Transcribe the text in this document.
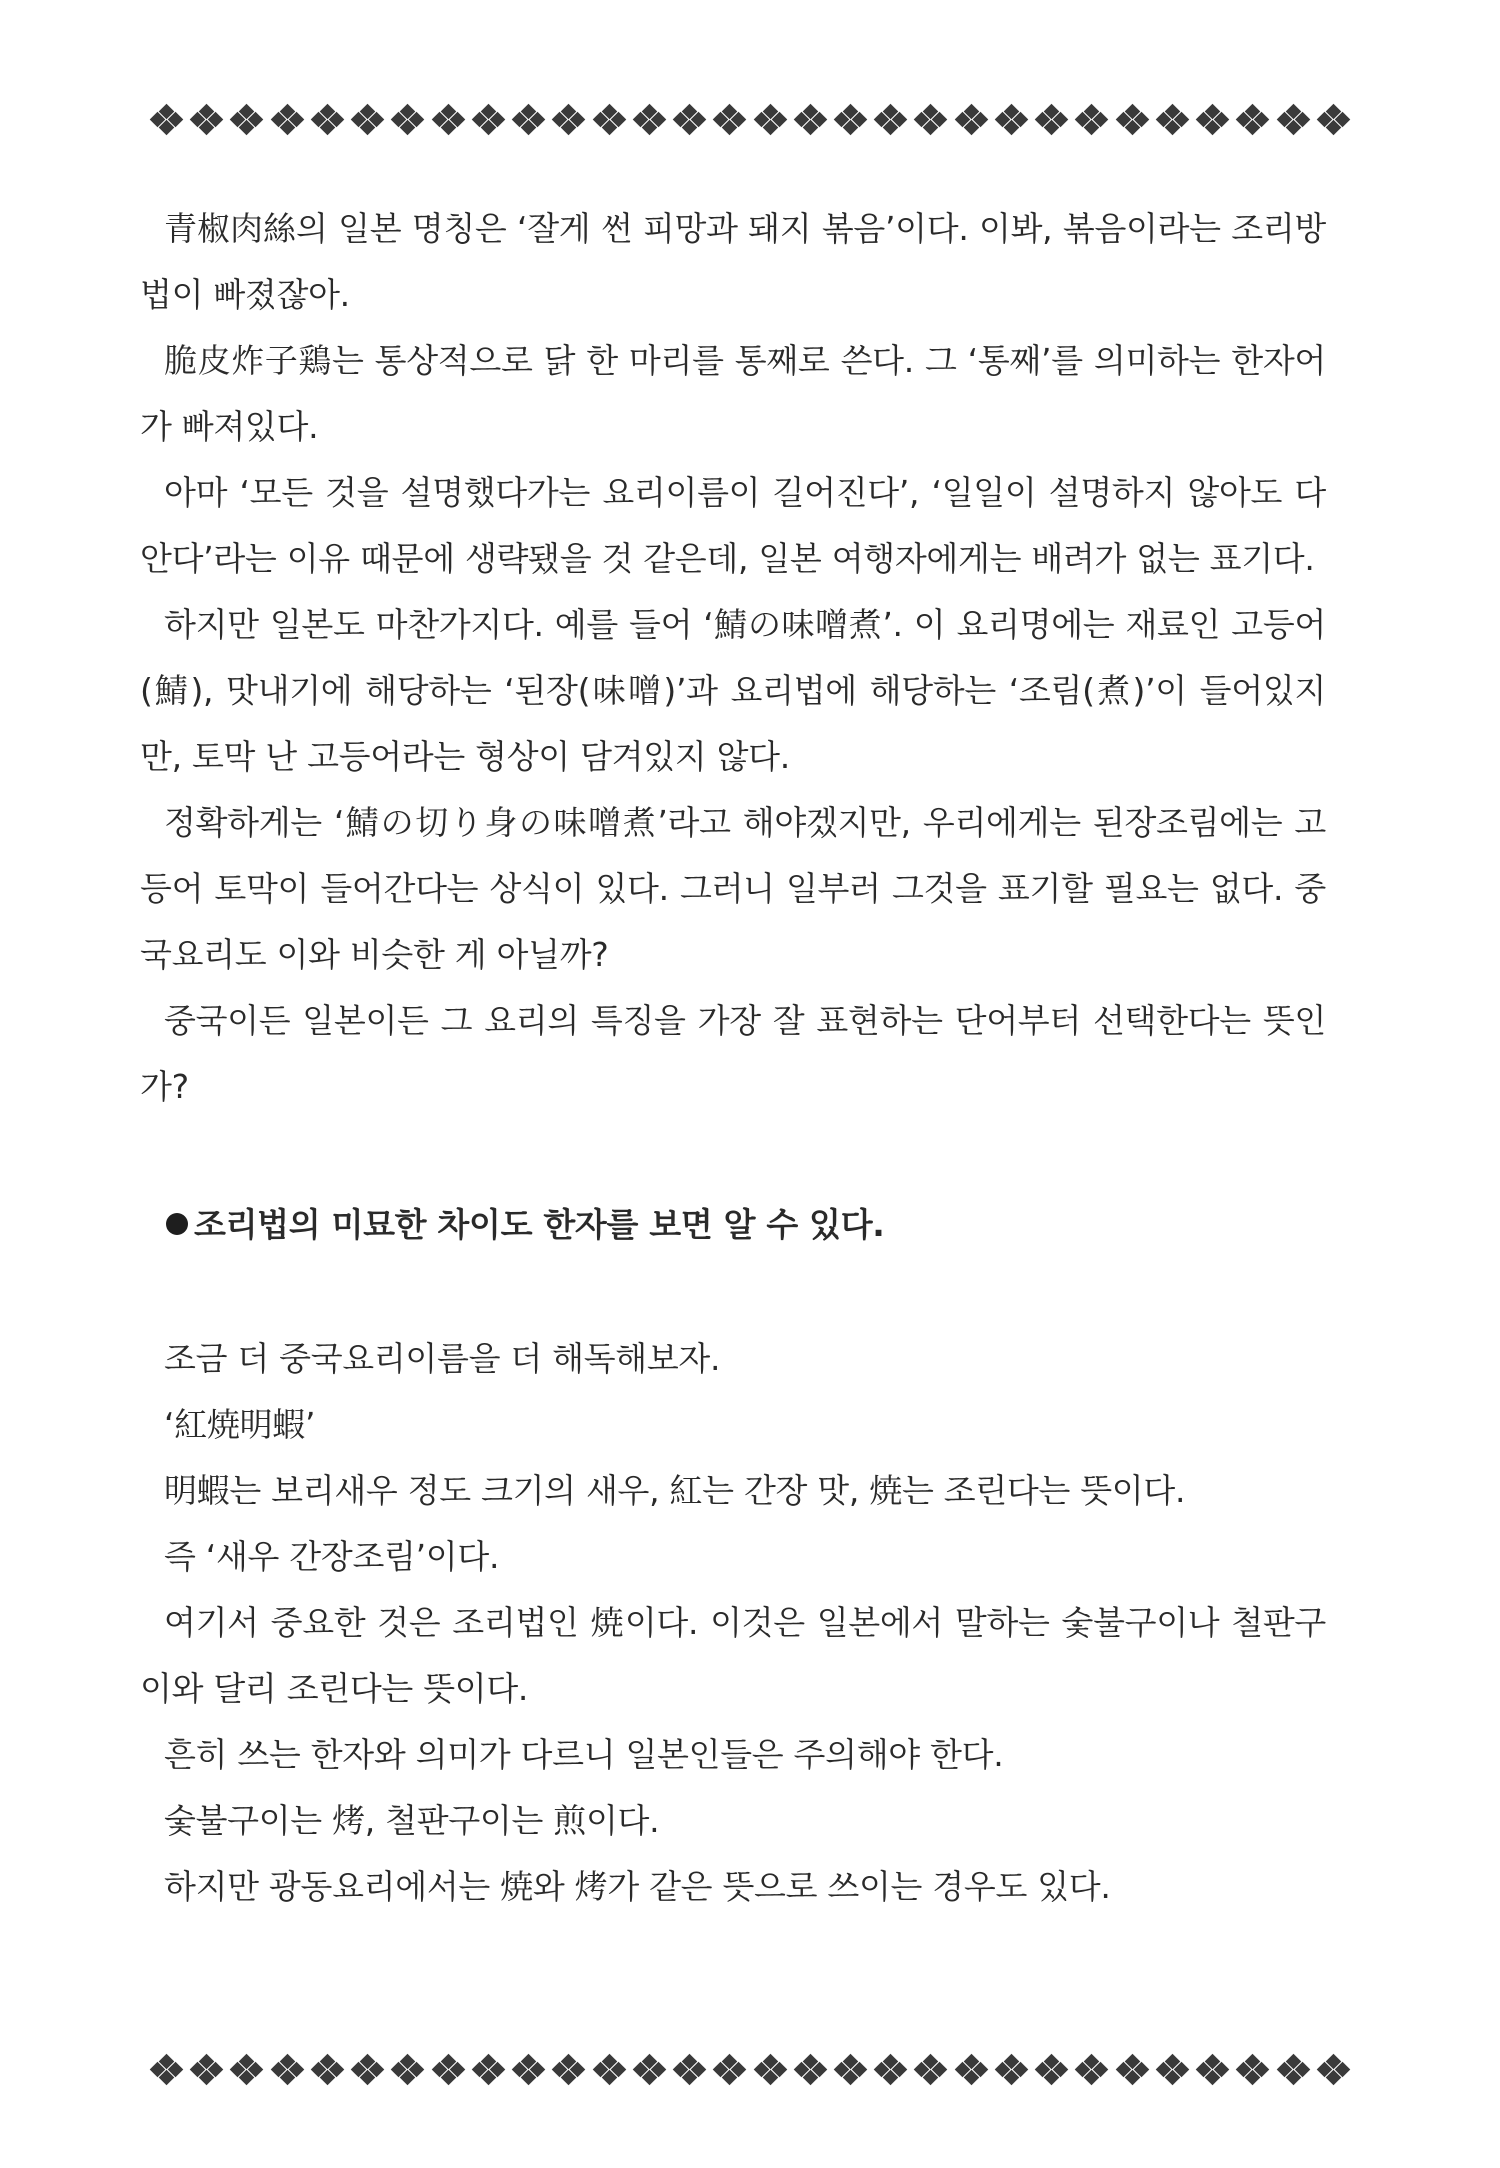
青椒肉絲의 일본 명칭은 ‘잘게 썬 피망과 돼지 볶음’이다. 이봐, 볶음이라는 조리방법이 빠졌잖아.

脆皮炸子鶏는 통상적으로 닭 한 마리를 통째로 쓴다. 그 ‘통째’를 의미하는 한자어가 빠져있다.

아마 ‘모든 것을 설명했다가는 요리이름이 길어진다’, ‘일일이 설명하지 않아도 다 안다’라는 이유 때문에 생략됐을 것 같은데, 일본 여행자에게는 배려가 없는 표기다.

하지만 일본도 마찬가지다. 예를 들어 ‘鯖の味噌煮’. 이 요리명에는 재료인 고등어(鯖), 맛내기에 해당하는 ‘된장(味噌)’과 요리법에 해당하는 ‘조림(煮)’이 들어있지만, 토막 난 고등어라는 형상이 담겨있지 않다.

정확하게는 ‘鯖の切り身の味噌煮’라고 해야겠지만, 우리에게는 된장조림에는 고등어 토막이 들어간다는 상식이 있다. 그러니 일부러 그것을 표기할 필요는 없다. 중국요리도 이와 비슷한 게 아닐까?

중국이든 일본이든 그 요리의 특징을 가장 잘 표현하는 단어부터 선택한다는 뜻인가?

조리법의 미묘한 차이도 한자를 보면 알 수 있다.

조금 더 중국요리이름을 더 해독해보자.

‘紅焼明蝦’

明蝦는 보리새우 정도 크기의 새우, 紅는 간장 맛, 焼는 조린다는 뜻이다.

즉 ‘새우 간장조림’이다.

여기서 중요한 것은 조리법인 焼이다. 이것은 일본에서 말하는 숯불구이나 철판구이와 달리 조린다는 뜻이다.

흔히 쓰는 한자와 의미가 다르니 일본인들은 주의해야 한다.

숯불구이는 烤, 철판구이는 煎이다.

하지만 광동요리에서는 焼와 烤가 같은 뜻으로 쓰이는 경우도 있다.
